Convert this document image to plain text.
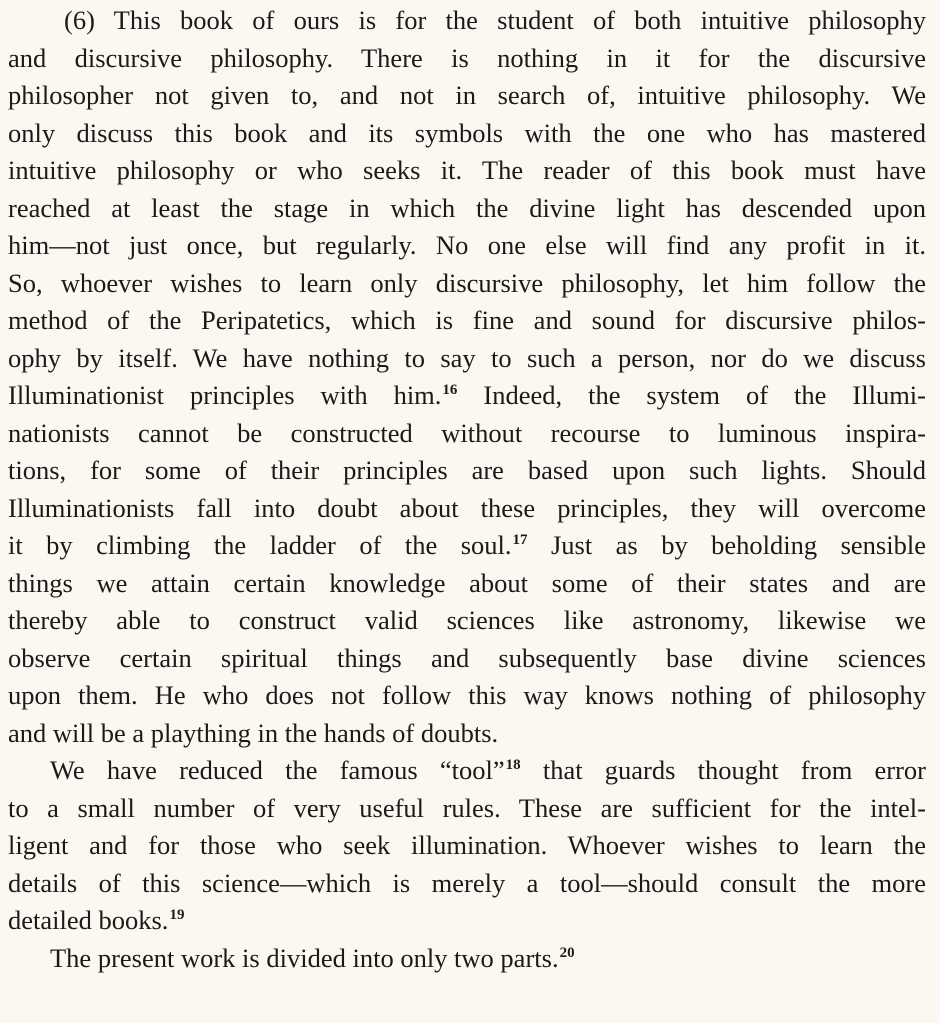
(6) This book of ours is for the student of both intuitive philosophy
and discursive philosophy. There is nothing in it for the discursive
philosopher not given to, and not in search of, intuitive philosophy. We
only discuss this book and its symbols with the one who has mastered
intuitive philosophy or who seeks it. The reader of this book must have
reached at least the stage in which the divine light has descended upon
him—not just once, but regularly. No one else will find any profit in it.
So, whoever wishes to learn only discursive philosophy, let him follow the
method of the Peripatetics, which is fine and sound for discursive philos-
ophy by itself. We have nothing to say to such a person, nor do we discuss
Illuminationist principles with him.$^{16}$ Indeed, the system of the Illumi-
nationists cannot be constructed without recourse to luminous inspira-
tions, for some of their principles are based upon such lights. Should
Illuminationists fall into doubt about these principles, they will overcome
it by climbing the ladder of the soul.$^{17}$ Just as by beholding sensible
things we attain certain knowledge about some of their states and are
thereby able to construct valid sciences like astronomy, likewise we
observe certain spiritual things and subsequently base divine sciences
upon them. He who does not follow this way knows nothing of philosophy
and will be a plaything in the hands of doubts.

We have reduced the famous “tool”$^{18}$ that guards thought from error
to a small number of very useful rules. These are sufficient for the intel-
ligent and for those who seek illumination. Whoever wishes to learn the
details of this science—which is merely a tool—should consult the more
detailed books.$^{19}$

The present work is divided into only two parts.$^{20}$
